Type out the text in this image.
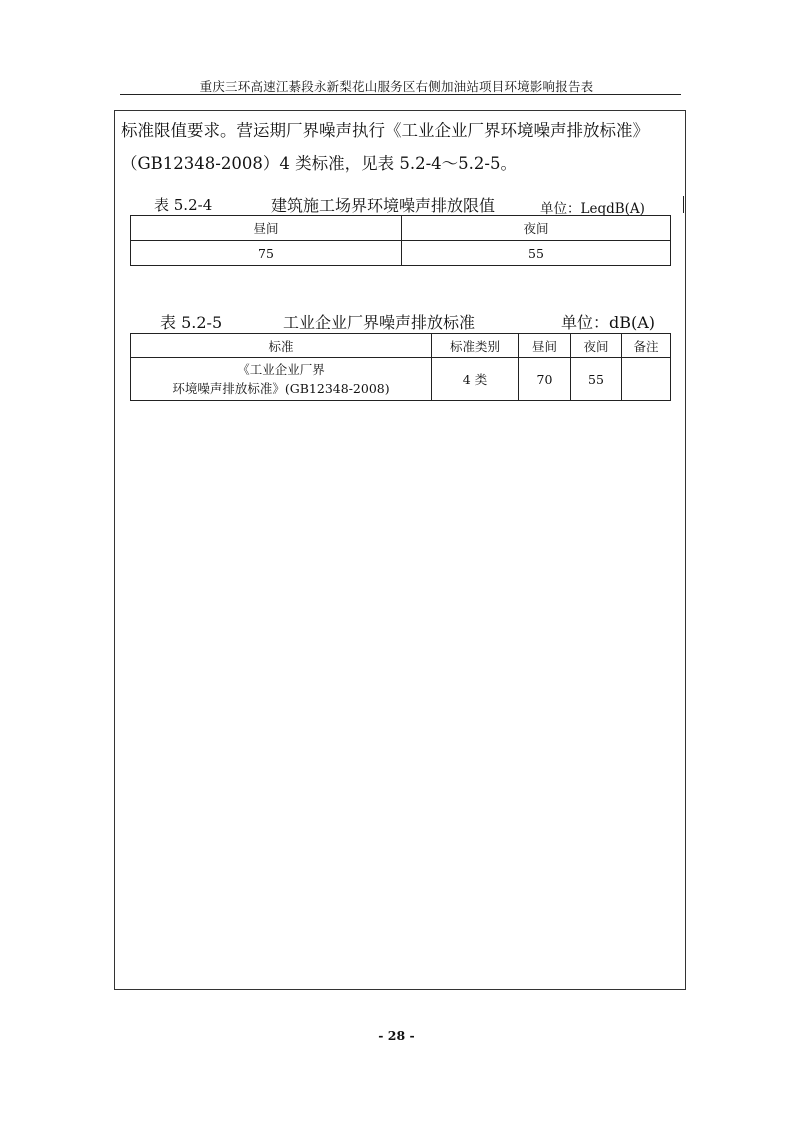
重庆三环高速江綦段永新梨花山服务区右侧加油站项目环境影响报告表
标准限值要求。营运期厂界噪声执行《工业企业厂界环境噪声排放标准》
（GB12348-2008）4 类标准，见表 5.2-4～5.2-5。
表 5.2-4	建筑施工场界环境噪声排放限值	单位：LeqdB(A)
昼间	夜间
75	55
表 5.2-5	工业企业厂界噪声排放标准	单位：dB(A)
标准	标准类别	昼间	夜间	备注

《工业企业厂界
环境噪声排放标准》(GB12348-2008)	4 类	70	55	
- 28 -
